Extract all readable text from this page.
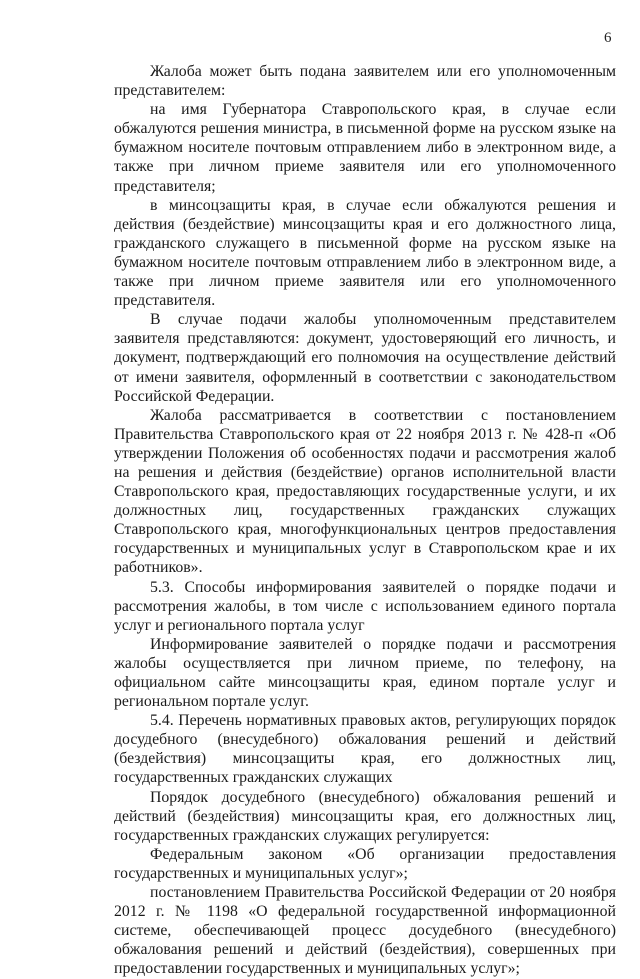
6

Жалоба может быть подана заявителем или его уполномоченным представителем:

на имя Губернатора Ставропольского края, в случае если обжалуются решения министра, в письменной форме на русском языке на бумажном носителе почтовым отправлением либо в электронном виде, а также при личном приеме заявителя или его уполномоченного представителя;

в минсоцзащиты края, в случае если обжалуются решения и действия (бездействие) минсоцзащиты края и его должностного лица, гражданского служащего в письменной форме на русском языке на бумажном носителе почтовым отправлением либо в электронном виде, а также при личном приеме заявителя или его уполномоченного представителя.

В случае подачи жалобы уполномоченным представителем заявителя представляются: документ, удостоверяющий его личность, и документ, подтверждающий его полномочия на осуществление действий от имени заявителя, оформленный в соответствии с законодательством Российской Федерации.

Жалоба рассматривается в соответствии с постановлением Правительства Ставропольского края от 22 ноября 2013 г. № 428-п «Об утверждении Положения об особенностях подачи и рассмотрения жалоб на решения и действия (бездействие) органов исполнительной власти Ставропольского края, предоставляющих государственные услуги, и их должностных лиц, государственных гражданских служащих Ставропольского края, многофункциональных центров предоставления государственных и муниципальных услуг в Ставропольском крае и их работников».

5.3. Способы информирования заявителей о порядке подачи и рассмотрения жалобы, в том числе с использованием единого портала услуг и регионального портала услуг

Информирование заявителей о порядке подачи и рассмотрения жалобы осуществляется при личном приеме, по телефону, на официальном сайте минсоцзащиты края, едином портале услуг и региональном портале услуг.

5.4. Перечень нормативных правовых актов, регулирующих порядок досудебного (внесудебного) обжалования решений и действий (бездействия) минсоцзащиты края, его должностных лиц, государственных гражданских служащих

Порядок досудебного (внесудебного) обжалования решений и действий (бездействия) минсоцзащиты края, его должностных лиц, государственных гражданских служащих регулируется:

Федеральным законом «Об организации предоставления государственных и муниципальных услуг»;

постановлением Правительства Российской Федерации от 20 ноября 2012 г. № 1198 «О федеральной государственной информационной системе, обеспечивающей процесс досудебного (внесудебного) обжалования решений и действий (бездействия), совершенных при предоставлении государственных и муниципальных услуг»;
